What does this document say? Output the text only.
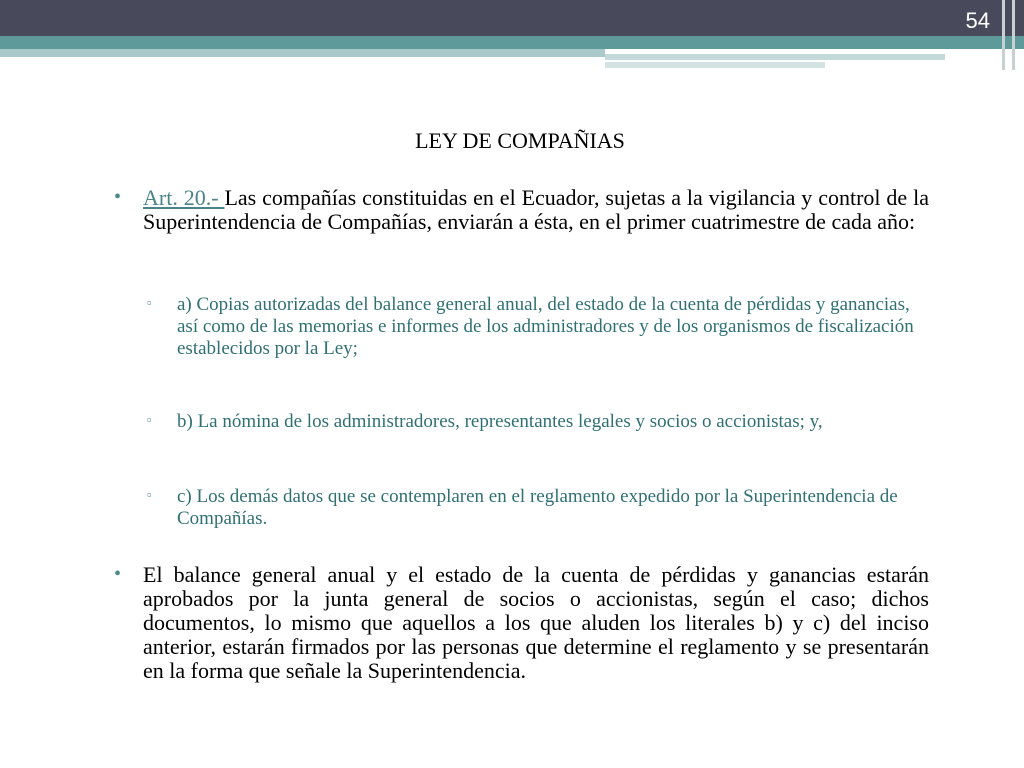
54
LEY DE COMPAÑIAS
• Art. 20.- Las compañías constituidas en el Ecuador, sujetas a la vigilancia y control de la Superintendencia de Compañías, enviarán a ésta, en el primer cuatrimestre de cada año:
▫ a) Copias autorizadas del balance general anual, del estado de la cuenta de pérdidas y ganancias, así como de las memorias e informes de los administradores y de los organismos de fiscalización establecidos por la Ley;
▫ b) La nómina de los administradores, representantes legales y socios o accionistas; y,
▫ c) Los demás datos que se contemplaren en el reglamento expedido por la Superintendencia de Compañías.
• El balance general anual y el estado de la cuenta de pérdidas y ganancias estarán aprobados por la junta general de socios o accionistas, según el caso; dichos documentos, lo mismo que aquellos a los que aluden los literales b) y c) del inciso anterior, estarán firmados por las personas que determine el reglamento y se presentarán en la forma que señale la Superintendencia.
